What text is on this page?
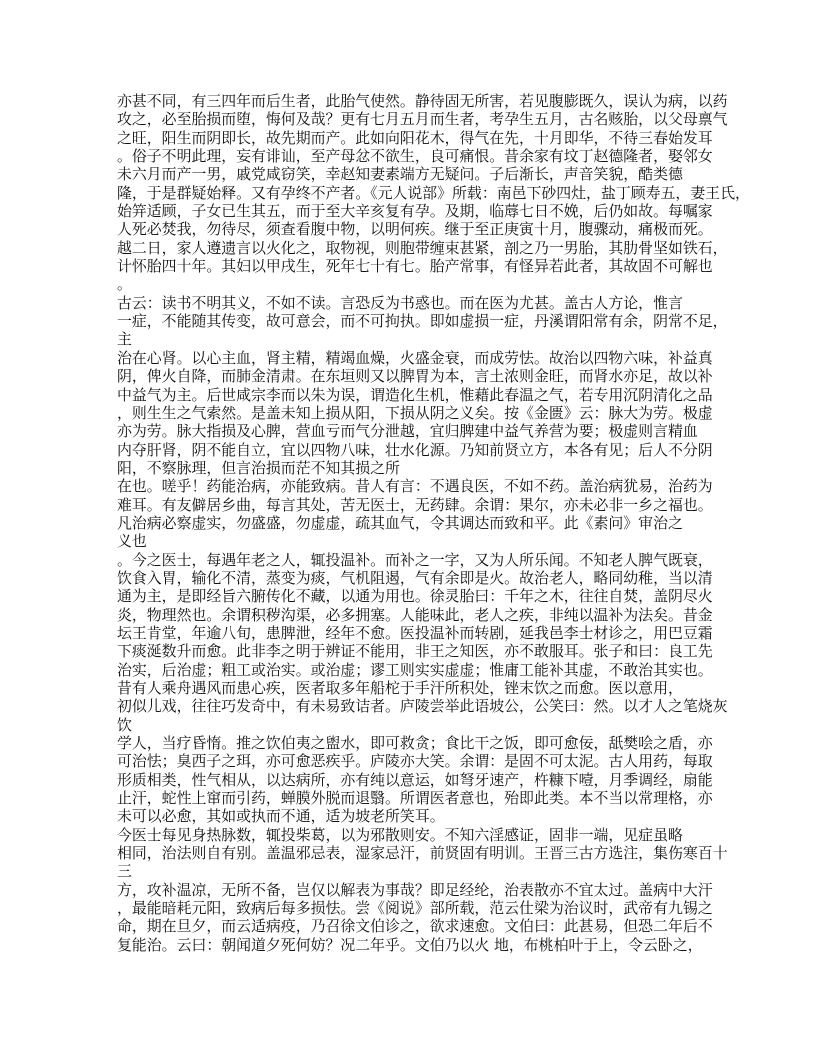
亦甚不同，有三四年而后生者，此胎气使然。静待固无所害，若见腹膨既久，误认为病，以药
攻之，必至胎损而堕，悔何及哉？更有七月五月而生者，考孕生五月，古名赅胎，以父母禀气
之旺，阳生而阴即长，故先期而产。此如向阳花木，得气在先，十月即华，不待三春始发耳
。俗子不明此理，妄有诽讪，至产母忿不欲生，良可痛恨。昔余家有坟丁赵德隆者，娶邻女
未六月而产一男，戚党咸窃笑，幸赵知妻素端方无疑问。子后渐长，声音笑貌，酷类德
隆，于是群疑始释。又有孕终不产者。《元人说部》所载：南邑下砂四灶，盐丁顾寿五，妻王氏，
始笄适顾，子女已生其五，而于至大辛亥复有孕。及期，临蓐七日不娩，后仍如故。每嘱家
人死必焚我，勿待尽，须查看腹中物，以明何疾。继于至正庚寅十月，腹骤动，痛极而死。
越二日，家人遵遗言以火化之，取物视，则胞带缠束甚紧，剖之乃一男胎，其肋骨坚如铁石，
计怀胎四十年。其妇以甲戌生，死年七十有七。胎产常事，有怪异若此者，其故固不可解也
。
古云：读书不明其义，不如不读。言恐反为书惑也。而在医为尤甚。盖古人方论，惟言
一症，不能随其传变，故可意会，而不可拘执。即如虚损一症，丹溪谓阳常有余，阴常不足，
主
治在心肾。以心主血，肾主精，精竭血燥，火盛金衰，而成劳怯。故治以四物六味，补益真
阴，俾火自降，而肺金清肃。在东垣则又以脾胃为本，言土浓则金旺，而肾水亦足，故以补
中益气为主。后世咸宗李而以朱为误，谓造化生机，惟藉此春温之气，若专用沉阴清化之品
，则生生之气索然。是盖未知上损从阳，下损从阴之义矣。按《金匮》云：脉大为劳。极虚
亦为劳。脉大指损及心脾，营血亏而气分泄越，宜归脾建中益气养营为要；极虚则言精血
内夺肝肾，阴不能自立，宜以四物八味，壮水化源。乃知前贤立方，本各有见；后人不分阴
阳，不察脉理，但言治损而茫不知其损之所
在也。嗟乎！药能治病，亦能致病。昔人有言：不遇良医，不如不药。盖治病犹易，治药为
难耳。有友僻居乡曲，每言其处，苦无医士，无药肆。余谓：果尔，亦未必非一乡之福也。
凡治病必察虚实，勿盛盛，勿虚虚，疏其血气，令其调达而致和平。此《素问》审治之
义也
。今之医士，每遇年老之人，辄投温补。而补之一字，又为人所乐闻。不知老人脾气既衰，
饮食入胃，输化不清，蒸变为痰，气机阻遏，气有余即是火。故治老人，略同幼稚，当以清
通为主，是即经旨六腑传化不藏，以通为用也。徐灵胎曰：千年之木，往往自焚，盖阴尽火
炎，物理然也。余谓积秽沟渠，必多拥塞。人能味此，老人之疾，非纯以温补为法矣。昔金
坛王肯堂，年逾八旬，患脾泄，经年不愈。医投温补而转剧，延我邑李士材诊之，用巴豆霜
下痰涎数升而愈。此非李之明于辨证不能用，非王之知医，亦不敢服耳。张子和曰：良工先
治实，后治虚；粗工或治实。或治虚；谬工则实实虚虚；惟庸工能补其虚，不敢治其实也。
昔有人乘舟遇风而患心疾，医者取多年船柁于手汗所积处，锉末饮之而愈。医以意用，
初似儿戏，往往巧发奇中，有未易致诘者。庐陵尝举此语坡公，公笑曰：然。以才人之笔烧灰
饮
学人，当疗昏惰。推之饮伯夷之盥水，即可救贪；食比干之饭，即可愈佞，舐樊哙之盾，亦
可治怯；臭西子之珥，亦可愈恶疾乎。庐陵亦大笑。余谓：是固不可太泥。古人用药，每取
形质相类，性气相从，以达病所，亦有纯以意运，如弩牙速产，杵糠下噎，月季调经，扇能
止汗，蛇性上窜而引药，蝉膜外脱而退翳。所谓医者意也，殆即此类。本不当以常理格，亦
未可以必愈，其如或执而不通，适为坡老所笑耳。
今医士每见身热脉数，辄投柴葛，以为邪散则安。不知六淫感证，固非一端，见症虽略
相同，治法则自有别。盖温邪忌表，湿家忌汗，前贤固有明训。王晋三古方选注，集伤寒百十
三
方，攻补温凉，无所不备，岂仅以解表为事哉？即足经纶，治表散亦不宜太过。盖病中大汗
，最能暗耗元阳，致病后每多损怯。尝《阅说》部所载，范云仕梁为治议时，武帝有九锡之
命，期在旦夕，而云适病疫，乃召徐文伯诊之，欲求速愈。文伯曰：此甚易，但恐二年后不
复能治。云曰：朝闻道夕死何妨？况二年乎。文伯乃以火 地，布桃柏叶于上，令云卧之，
